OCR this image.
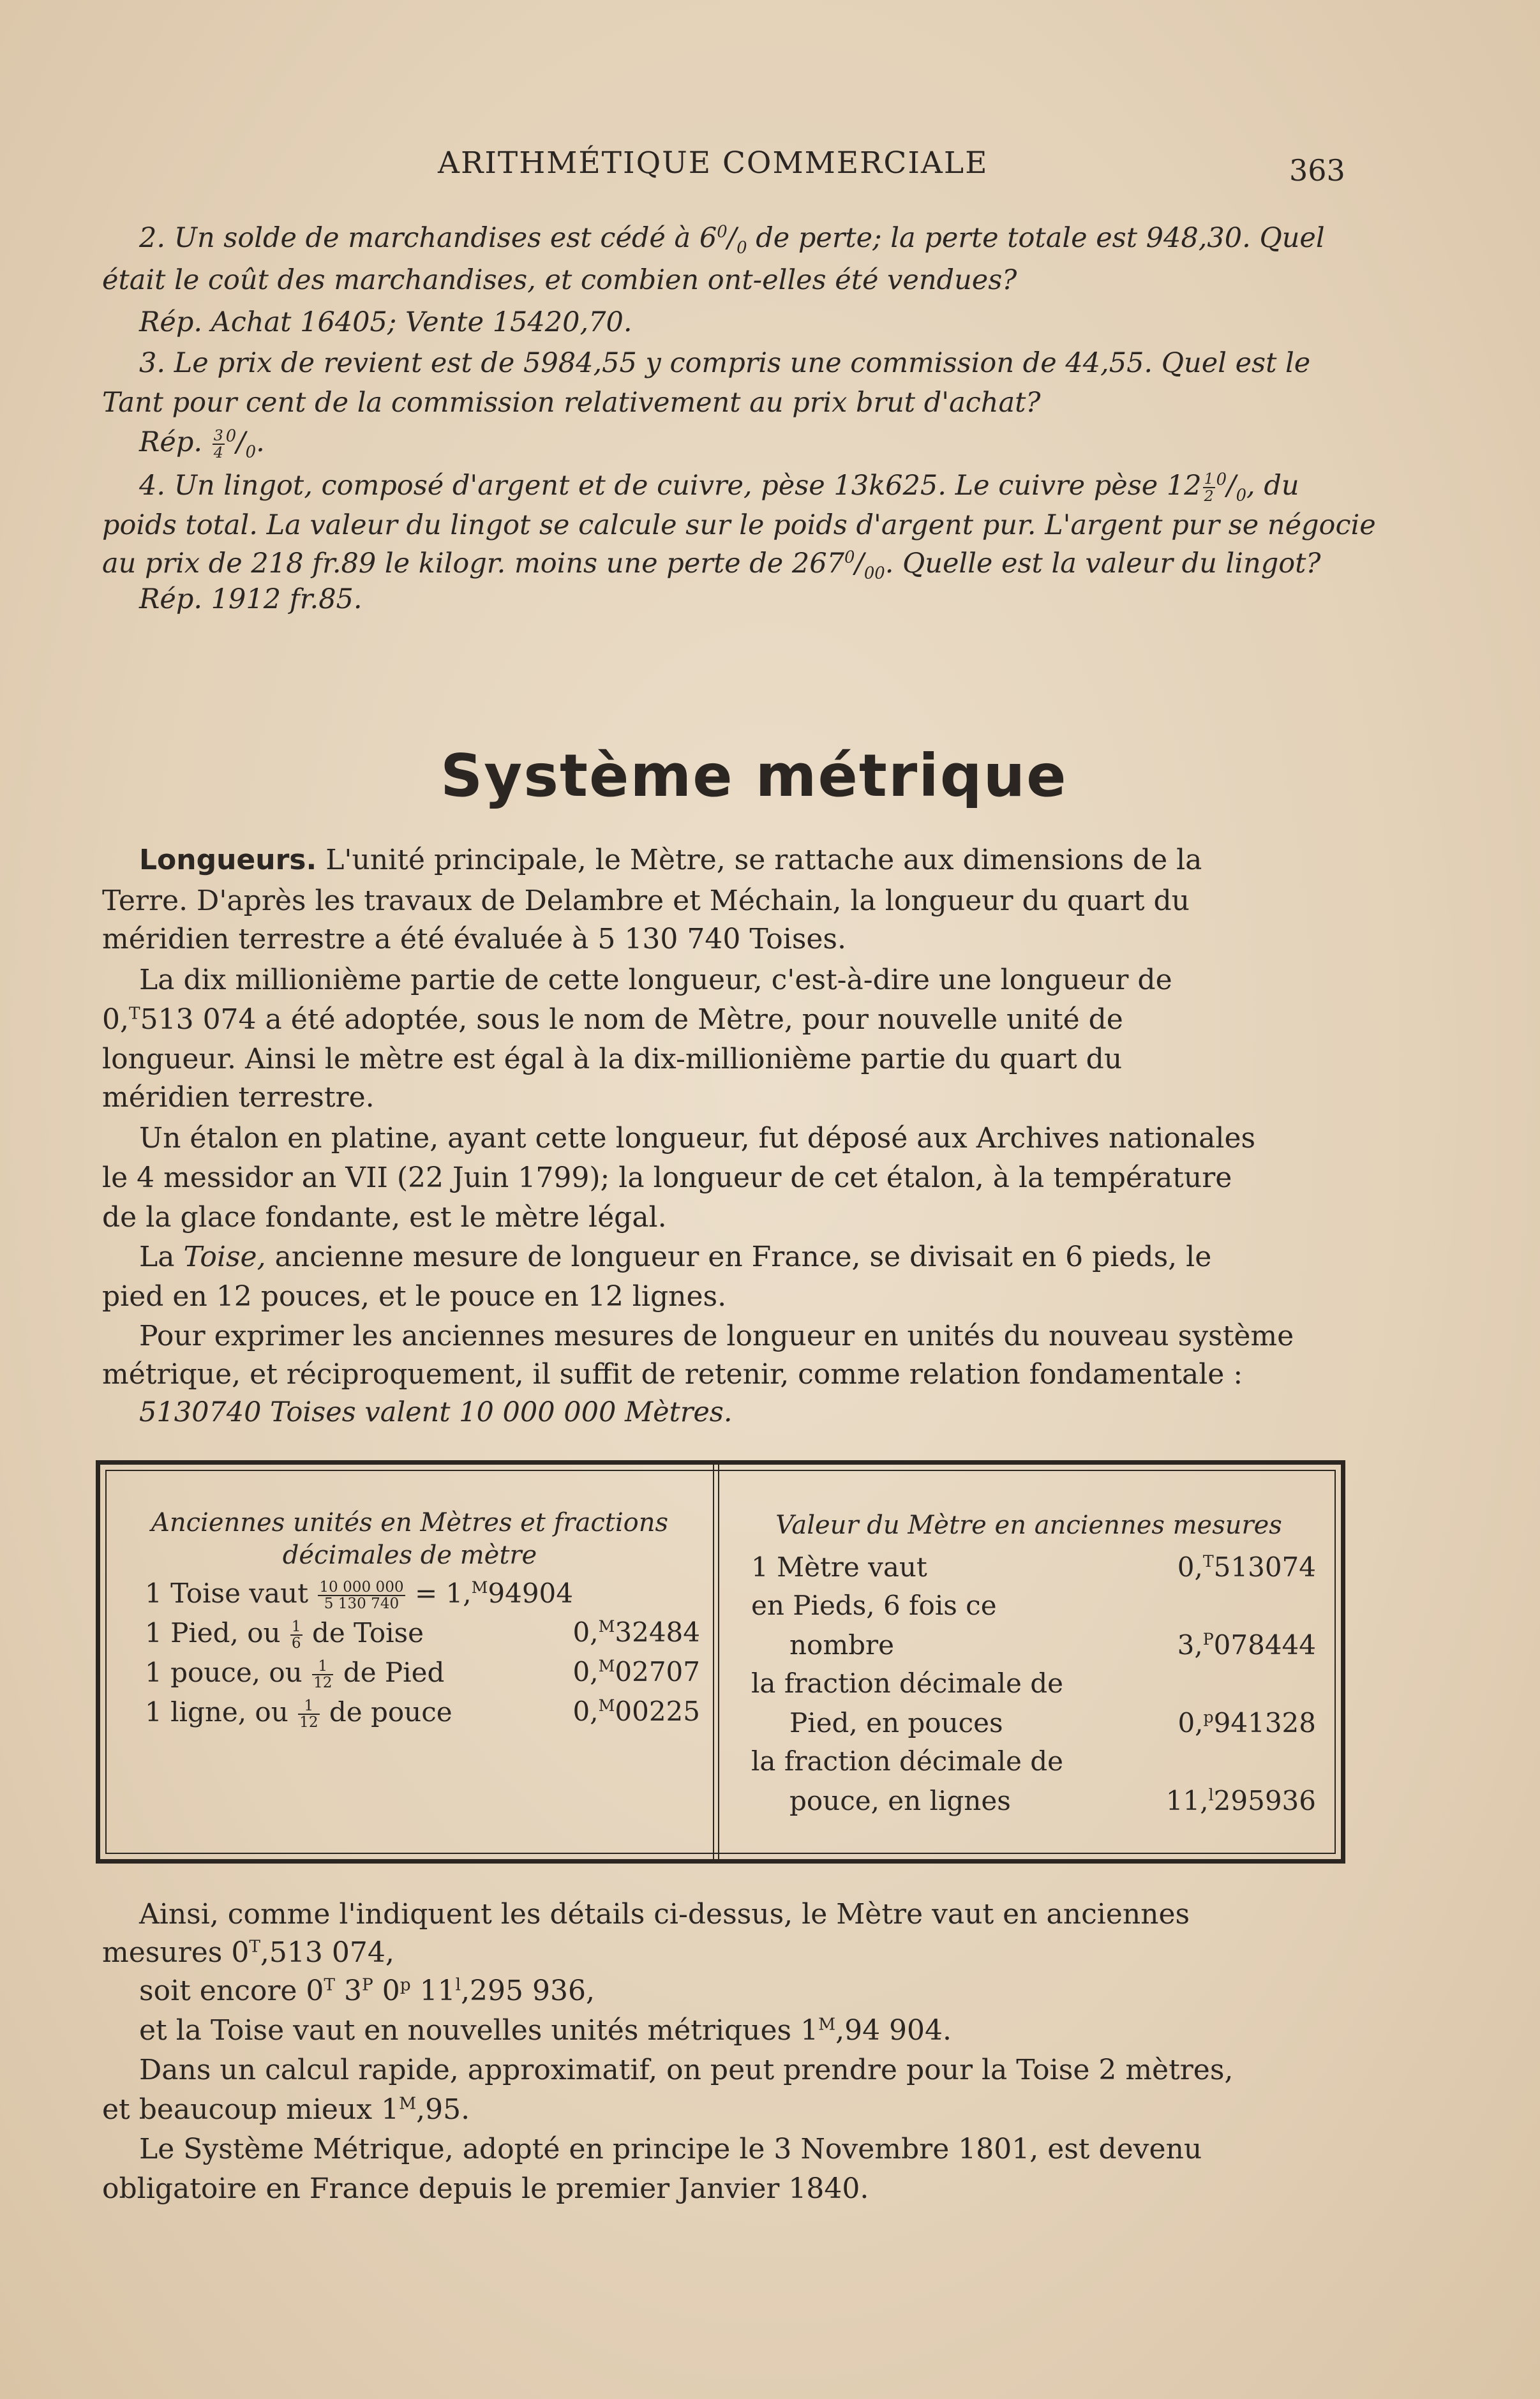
ARITHMÉTIQUE COMMERCIALE	363
2. Un solde de marchandises est cédé à $6^0/_0$ de perte; la perte totale est 948,30. Quel
était le coût des marchandises, et combien ont-elles été vendues?
Rép. Achat 16405; Vente 15420,70.
3. Le prix de revient est de 5984,55 y compris une commission de 44,55. Quel est le
Tant pour cent de la commission relativement au prix brut d'achat?
Rép. $\frac{3}{4} ^0/_0$.
4. Un lingot, composé d'argent et de cuivre, pèse 13k625. Le cuivre pèse $12 \frac{1}{2} ^0/_0$, du
poids total. La valeur du lingot se calcule sur le poids d'argent pur. L'argent pur se négocie
au prix de 218 fr.89 le kilogr. moins une perte de $267^0/_{00}$. Quelle est la valeur du lingot?
Rép. 1912 fr.85.
Système métrique
Longueurs. L'unité principale, le Mètre, se rattache aux dimensions de la
Terre. D'après les travaux de Delambre et Méchain, la longueur du quart du
méridien terrestre a été évaluée à 5 130 740 Toises.
La dix millionième partie de cette longueur, c'est-à-dire une longueur de
0,$^T$513 074 a été adoptée, sous le nom de Mètre, pour nouvelle unité de
longueur. Ainsi le mètre est égal à la dix-millionième partie du quart du
méridien terrestre.
Un étalon en platine, ayant cette longueur, fut déposé aux Archives nationales
le 4 messidor an VII (22 Juin 1799); la longueur de cet étalon, à la température
de la glace fondante, est le mètre légal.
La Toise, ancienne mesure de longueur en France, se divisait en 6 pieds, le
pied en 12 pouces, et le pouce en 12 lignes.
Pour exprimer les anciennes mesures de longueur en unités du nouveau système
métrique, et réciproquement, il suffit de retenir, comme relation fondamentale :
5130740 Toises valent 10 000 000 Mètres.
Anciennes unités en Mètres et fractions
décimales de mètre
1 Toise vaut $\frac{10 000 000}{5 130 740} = 1,^M94904$
1 Pied, ou $\frac{1}{6}$ de Toise	0,$^M$32484
1 pouce, ou $\frac{1}{12}$ de Pied	0,$^M$02707
1 ligne, ou $\frac{1}{12}$ de pouce	0,$^M$00225
Valeur du Mètre en anciennes mesures
1 Mètre vaut	0,$^T$513074
en Pieds, 6 fois ce
nombre	3,$^P$078444
la fraction décimale de
Pied, en pouces	0,$^p$941328
la fraction décimale de
pouce, en lignes	11,$^l$295936
Ainsi, comme l'indiquent les détails ci-dessus, le Mètre vaut en anciennes
mesures $0^T,513$ 074,
soit encore $0^T$ $3^P$ 0$^p$ 11$^l$,295 936,
et la Toise vaut en nouvelles unités métriques $1^M,94$ 904.
Dans un calcul rapide, approximatif, on peut prendre pour la Toise 2 mètres,
et beaucoup mieux $1^M,95$.
Le Système Métrique, adopté en principe le 3 Novembre 1801, est devenu
obligatoire en France depuis le premier Janvier 1840.
